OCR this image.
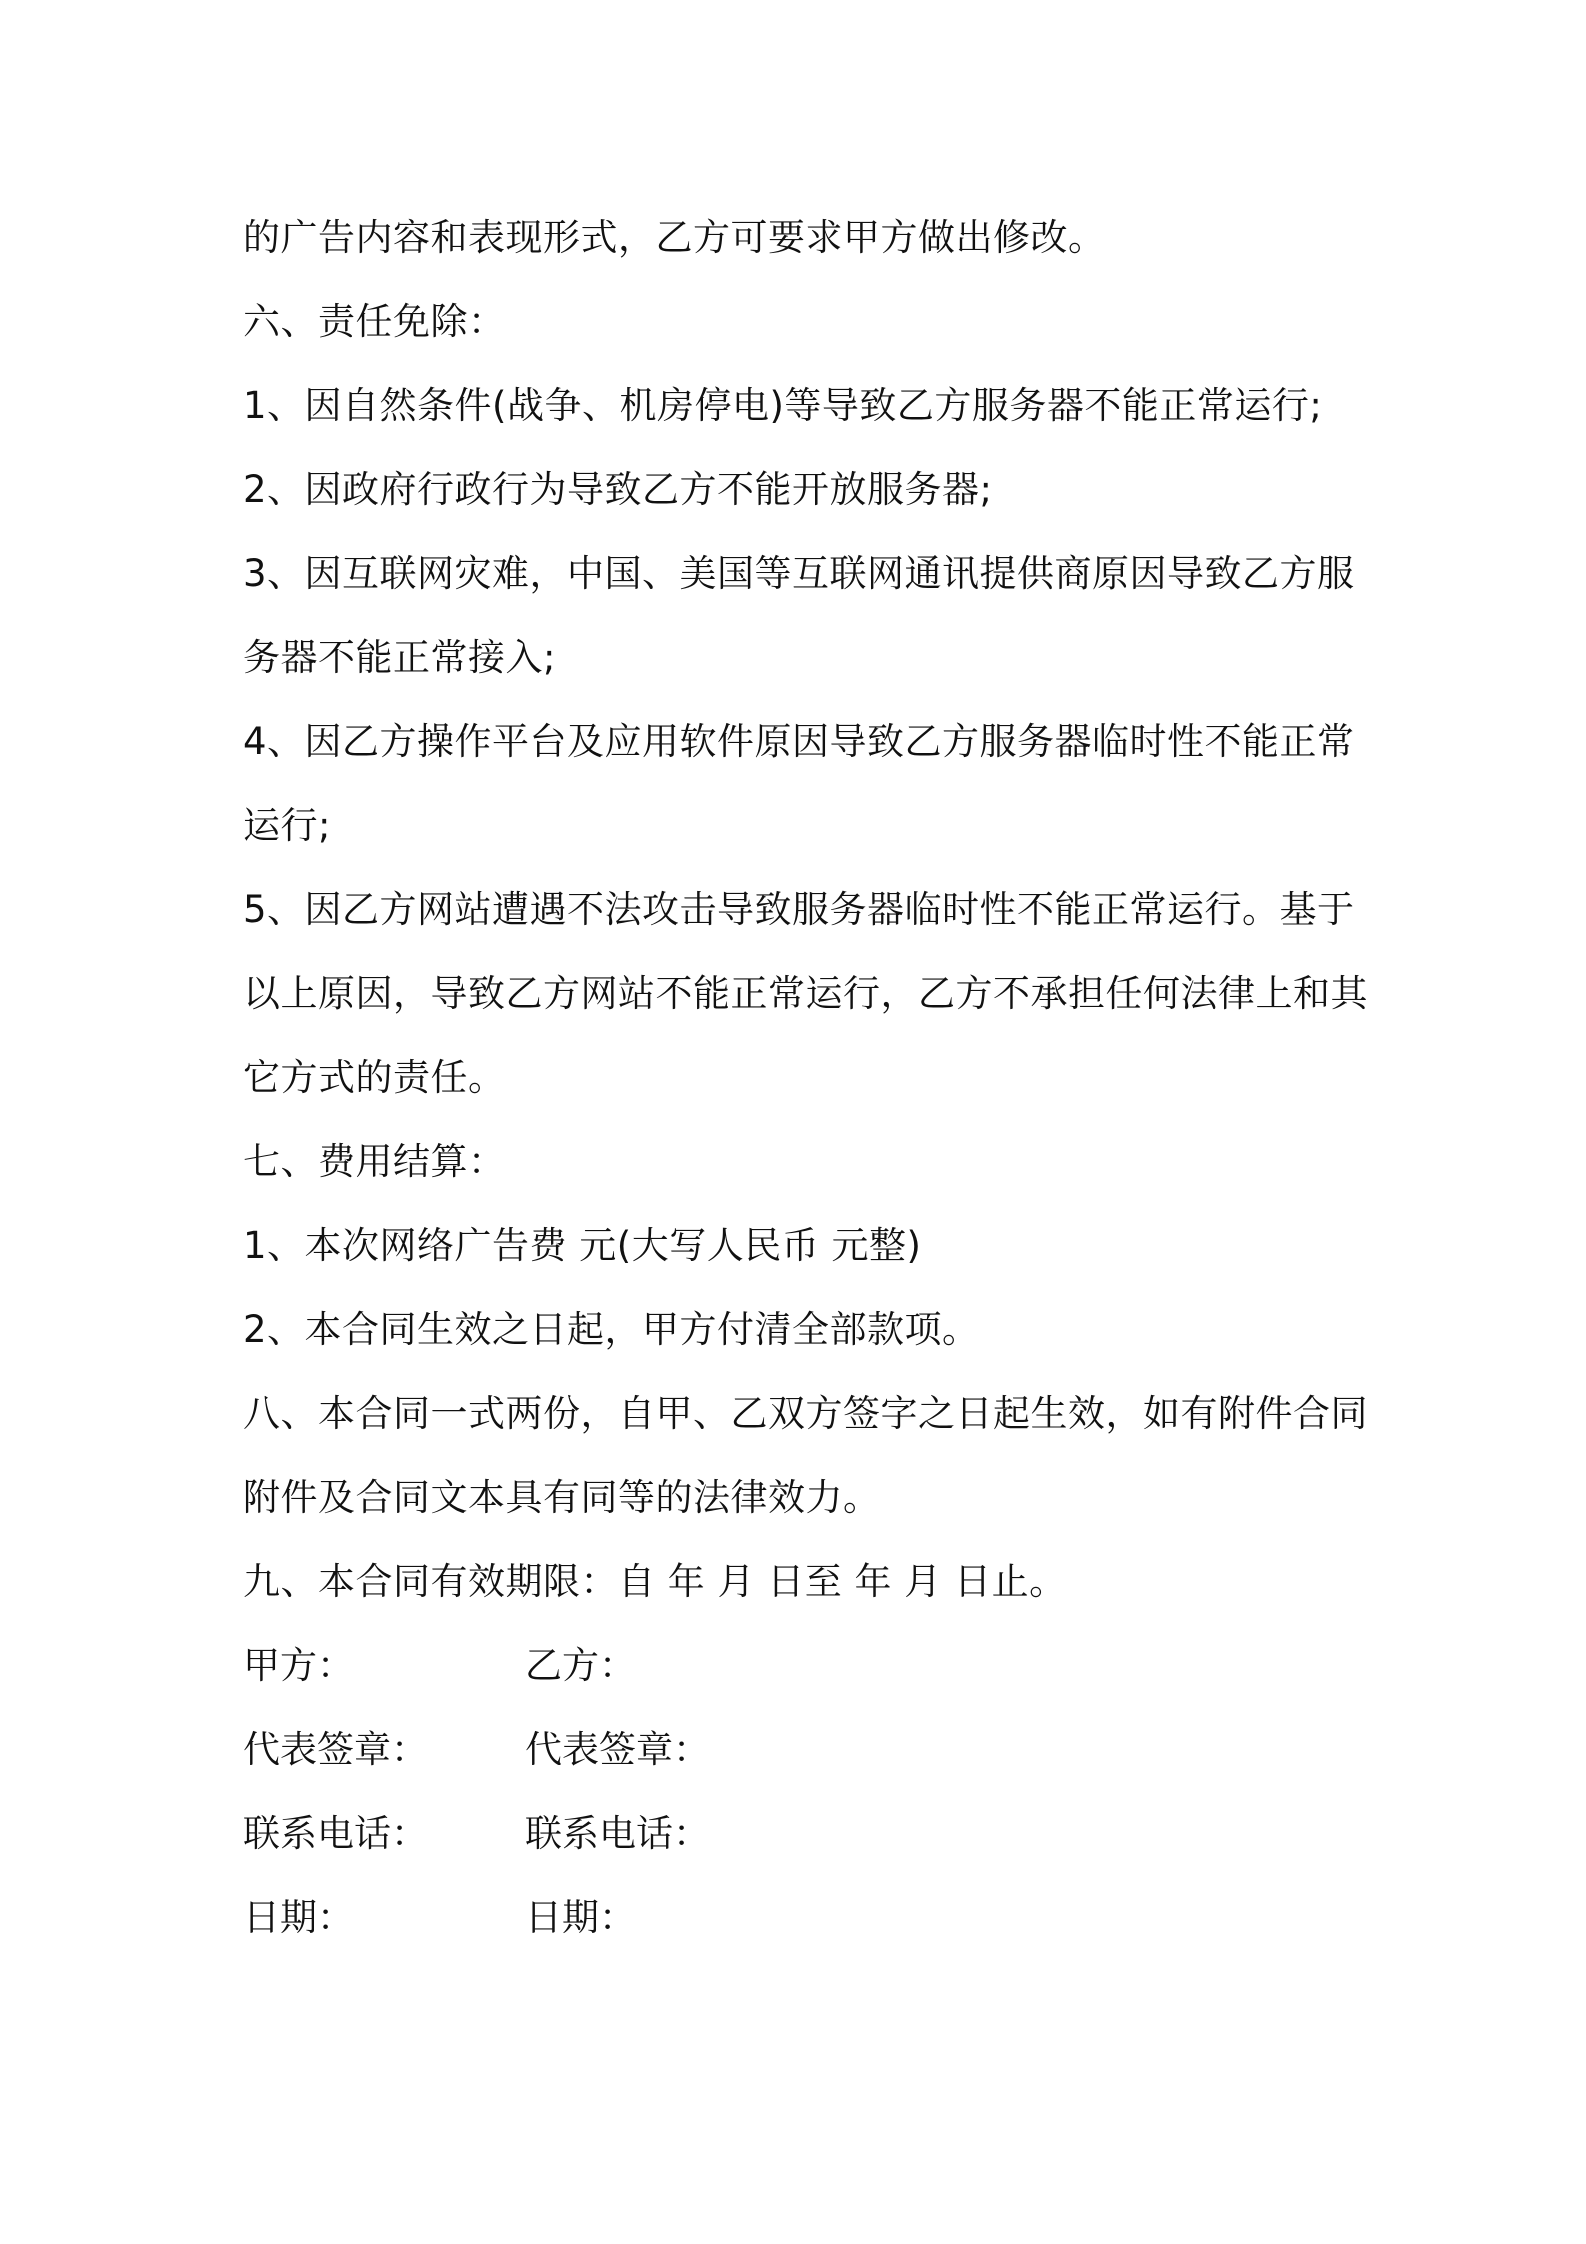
的广告内容和表现形式，乙方可要求甲方做出修改。
六、责任免除：
1、因自然条件(战争、机房停电)等导致乙方服务器不能正常运行;
2、因政府行政行为导致乙方不能开放服务器;
3、因互联网灾难，中国、美国等互联网通讯提供商原因导致乙方服
务器不能正常接入;
4、因乙方操作平台及应用软件原因导致乙方服务器临时性不能正常
运行;
5、因乙方网站遭遇不法攻击导致服务器临时性不能正常运行。基于
以上原因，导致乙方网站不能正常运行，乙方不承担任何法律上和其
它方式的责任。
七、费用结算：
1、本次网络广告费 元(大写人民币 元整)
2、本合同生效之日起，甲方付清全部款项。
八、本合同一式两份，自甲、乙双方签字之日起生效，如有附件合同
附件及合同文本具有同等的法律效力。
九、本合同有效期限：自 年 月 日至 年 月 日止。
甲方：	乙方：
代表签章：	代表签章：
联系电话：	联系电话：
日期：	日期：
